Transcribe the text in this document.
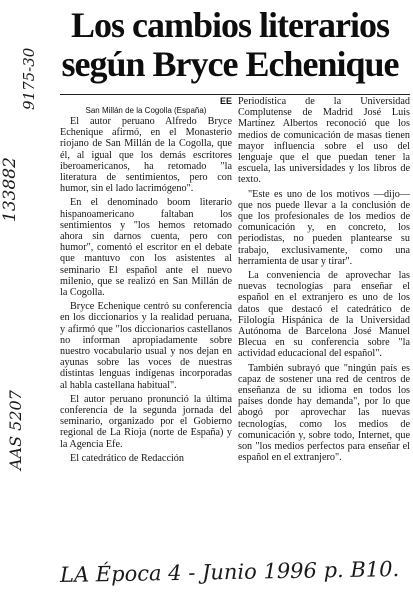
Los cambios literarios
según Bryce Echenique
EE
San Millán de la Cogolla (España)

El autor peruano Alfredo Bryce Echenique afirmó, en el Monasterio riojano de San Millán de la Cogolla, que él, al igual que los demás escritores iberoamericanos, ha retomado "la literatura de sentimientos, pero con humor, sin el lado lacrimógeno".

En el denominado boom literario hispanoamericano faltaban los sentimientos y "los hemos retomado ahora sin darnos cuenta, pero con humor", comentó el escritor en el debate que mantuvo con los asistentes al seminario El español ante el nuevo milenio, que se realizó en San Millán de la Cogolla.

Bryce Echenique centró su conferencia en los diccionarios y la realidad peruana, y afirmó que "los diccionarios castellanos no informan apropiadamente sobre nuestro vocabulario usual y nos dejan en ayunas sobre las voces de nuestras distintas lenguas indígenas incorporadas al habla castellana habitual".

El autor peruano pronunció la última conferencia de la segunda jornada del seminario, organizado por el Gobierno regional de La Rioja (norte de España) y la Agencia Efe.

El catedrático de Redacción

Periodística de la Universidad Complutense de Madrid José Luis Martínez Albertos reconoció que los medios de comunicación de masas tienen mayor influencia sobre el uso del lenguaje que el que puedan tener la escuela, las universidades y los libros de texto.

"Este es uno de los motivos —dijo— que nos puede llevar a la conclusión de que los profesionales de los medios de comunicación y, en concreto, los periodistas, no pueden plantearse su trabajo, exclusivamente, como una herramienta de usar y tirar".

La conveniencia de aprovechar las nuevas tecnologías para enseñar el español en el extranjero es uno de los datos que destacó el catedrático de Filología Hispánica de la Universidad Autónoma de Barcelona José Manuel Blecua en su conferencia sobre "la actividad educacional del español".

También subrayó que "ningún país es capaz de sostener una red de centros de enseñanza de su idioma en todos los países donde hay demanda", por lo que abogó por aprovechar las nuevas tecnologías, como los medios de comunicación y, sobre todo, Internet, que son "los medios perfectos para enseñar el español en el extranjero".

133882
9175-30
AAS 5207
LA Época 4 - Junio 1996 p. B10.
